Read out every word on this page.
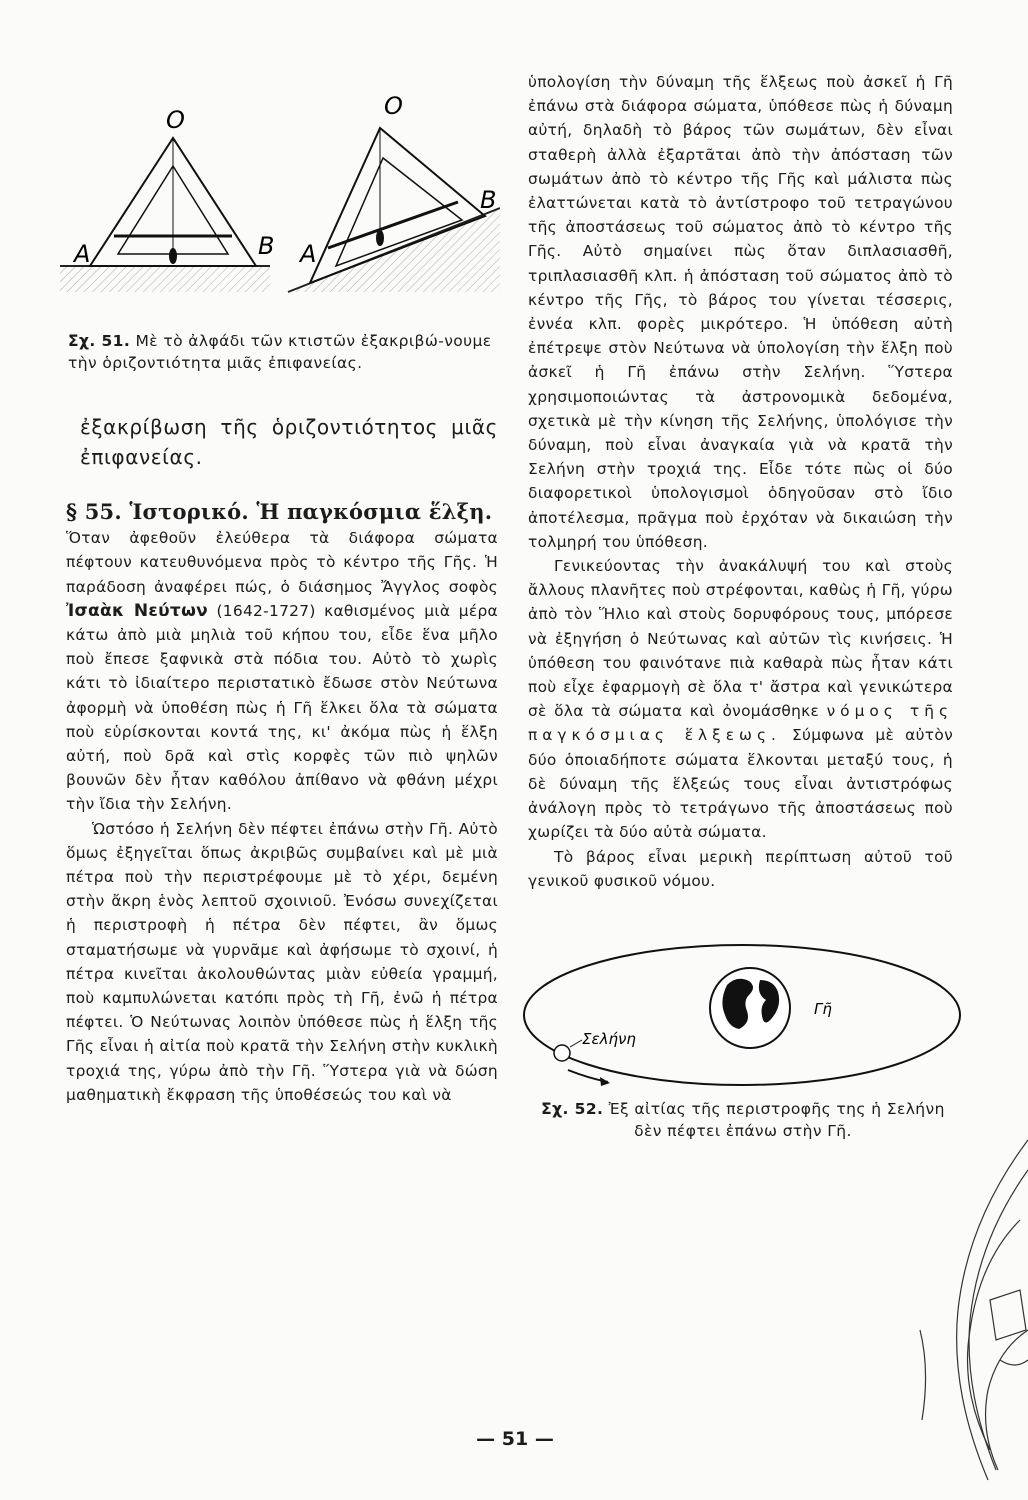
O
A	B
O
A
B
Σχ. 51. Μὲ τὸ ἀλφάδι τῶν κτιστῶν ἐξακριβώ-νουμε τὴν ὁριζοντιότητα μιᾶς ἐπιφανείας.
ἐξακρίβωση τῆς ὁριζοντιότητος μιᾶς ἐπιφανείας.

§ 55. Ἱστορικό. Ἡ παγκόσμια ἕλξη.

Ὅταν ἀφεθοῦν ἐλεύθερα τὰ διάφορα σώματα πέφτουν κατευθυνόμενα πρὸς τὸ κέντρο τῆς Γῆς. Ἡ παράδοση ἀναφέρει πώς, ὁ διάσημος Ἄγγλος σοφὸς Ἰσαὰκ Νεύτων (1642-1727) καθισμένος μιὰ μέρα κάτω ἀπὸ μιὰ μηλιὰ τοῦ κήπου του, εἶδε ἕνα μῆλο ποὺ ἔπεσε ξαφνικὰ στὰ πόδια του. Αὐτὸ τὸ χωρὶς κάτι τὸ ἰδιαίτερο περιστατικὸ ἔδωσε στὸν Νεύτωνα ἀφορμὴ νὰ ὑποθέση πὼς ἡ Γῆ ἕλκει ὅλα τὰ σώματα ποὺ εὑρίσκονται κοντά της, κι' ἀκόμα πὼς ἡ ἕλξη αὐτή, ποὺ δρᾶ καὶ στὶς κορφὲς τῶν πιὸ ψηλῶν βουνῶν δὲν ἦταν καθόλου ἀπίθανο νὰ φθάνη μέχρι τὴν ἴδια τὴν Σελήνη.

Ὡστόσο ἡ Σελήνη δὲν πέφτει ἐπάνω στὴν Γῆ. Αὐτὸ ὅμως ἐξηγεῖται ὅπως ἀκριβῶς συμβαίνει καὶ μὲ μιὰ πέτρα ποὺ τὴν περιστρέφουμε μὲ τὸ χέρι, δεμένη στὴν ἄκρη ἑνὸς λεπτοῦ σχοινιοῦ. Ἐνόσω συνεχίζεται ἡ περιστροφὴ ἡ πέτρα δὲν πέφτει, ἂν ὅμως σταματήσωμε νὰ γυρνᾶμε καὶ ἀφήσωμε τὸ σχοινί, ἡ πέτρα κινεῖται ἀκολουθώντας μιὰν εὐθεία γραμμή, ποὺ καμπυλώνεται κατόπι πρὸς τὴ Γῆ, ἐνῶ ἡ πέτρα πέφτει. Ὁ Νεύτωνας λοιπὸν ὑπόθεσε πὼς ἡ ἕλξη τῆς Γῆς εἶναι ἡ αἰτία ποὺ κρατᾶ τὴν Σελήνη στὴν κυκλικὴ τροχιά της, γύρω ἀπὸ τὴν Γῆ. Ὕστερα γιὰ νὰ δώση μαθηματικὴ ἔκφραση τῆς ὑποθέσεώς του καὶ νὰ

ὑπολογίση τὴν δύναμη τῆς ἕλξεως ποὺ ἀσκεῖ ἡ Γῆ ἐπάνω στὰ διάφορα σώματα, ὑπόθεσε πὼς ἡ δύναμη αὐτή, δηλαδὴ τὸ βάρος τῶν σωμάτων, δὲν εἶναι σταθερὴ ἀλλὰ ἐξαρτᾶται ἀπὸ τὴν ἀπόσταση τῶν σωμάτων ἀπὸ τὸ κέντρο τῆς Γῆς καὶ μάλιστα πὼς ἐλαττώνεται κατὰ τὸ ἀντίστροφο τοῦ τετραγώνου τῆς ἀποστάσεως τοῦ σώματος ἀπὸ τὸ κέντρο τῆς Γῆς. Αὐτὸ σημαίνει πὼς ὅταν διπλασιασθῆ, τριπλασιασθῆ κλπ. ἡ ἀπόσταση τοῦ σώματος ἀπὸ τὸ κέντρο τῆς Γῆς, τὸ βάρος του γίνεται τέσσερις, ἐννέα κλπ. φορὲς μικρότερο. Ἡ ὑπόθεση αὐτὴ ἐπέτρεψε στὸν Νεύτωνα νὰ ὑπολογίση τὴν ἕλξη ποὺ ἀσκεῖ ἡ Γῆ ἐπάνω στὴν Σελήνη. Ὕστερα χρησιμοποιώντας τὰ ἀστρονομικὰ δεδομένα, σχετικὰ μὲ τὴν κίνηση τῆς Σελήνης, ὑπολόγισε τὴν δύναμη, ποὺ εἶναι ἀναγκαία γιὰ νὰ κρατᾶ τὴν Σελήνη στὴν τροχιά της. Εἶδε τότε πὼς οἱ δύο διαφορετικοὶ ὑπολογισμοὶ ὁδηγοῦσαν στὸ ἴδιο ἀποτέλεσμα, πρᾶγμα ποὺ ἐρχόταν νὰ δικαιώση τὴν τολμηρή του ὑπόθεση.

Γενικεύοντας τὴν ἀνακάλυψή του καὶ στοὺς ἄλλους πλανῆτες ποὺ στρέφονται, καθὼς ἡ Γῆ, γύρω ἀπὸ τὸν Ἥλιο καὶ στοὺς δορυφόρους τους, μπόρεσε νὰ ἐξηγήση ὁ Νεύτωνας καὶ αὐτῶν τὶς κινήσεις. Ἡ ὑπόθεση του φαινότανε πιὰ καθαρὰ πὼς ἦταν κάτι ποὺ εἶχε ἐφαρμογὴ σὲ ὅλα τ' ἄστρα καὶ γενικώτερα σὲ ὅλα τὰ σώματα καὶ ὀνομάσθηκε νόμος τῆς παγκόσμιας ἕλξεως. Σύμφωνα μὲ αὐτὸν δύο ὁποιαδήποτε σώματα ἕλκονται μεταξύ τους, ἡ δὲ δύναμη τῆς ἕλξεώς τους εἶναι ἀντιστρόφως ἀνάλογη πρὸς τὸ τετράγωνο τῆς ἀποστάσεως ποὺ χωρίζει τὰ δύο αὐτὰ σώματα.

Τὸ βάρος εἶναι μερικὴ περίπτωση αὐτοῦ τοῦ γενικοῦ φυσικοῦ νόμου.

Γῆ
Σελήνη
Σχ. 52. Ἐξ αἰτίας τῆς περιστροφῆς της ἡ Σελήνη
δὲν πέφτει ἐπάνω στὴν Γῆ.
— 51 —
